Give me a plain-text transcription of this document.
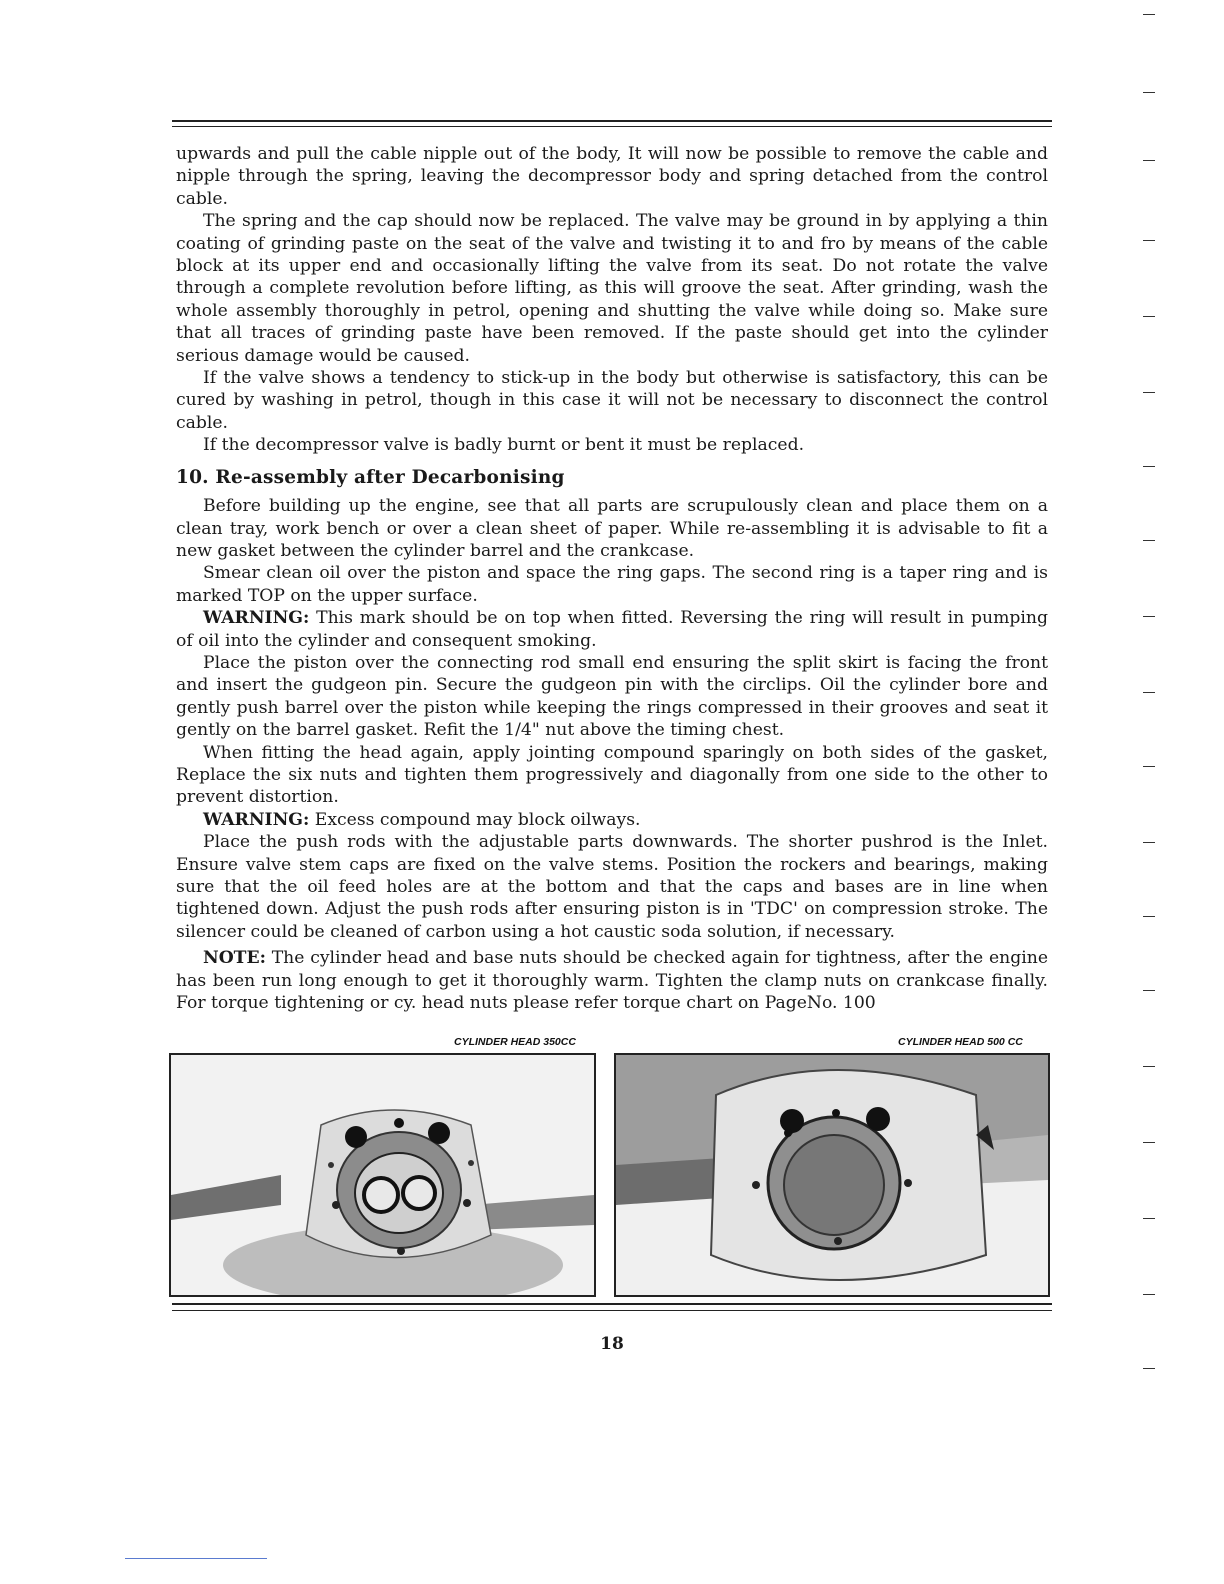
upwards and pull the cable nipple out of the body, It will now be possible to remove the cable and nipple through the spring, leaving the decompressor body and spring detached from the control cable.

The spring and the cap should now be replaced. The valve may be ground in by applying a thin coating of grinding paste on the seat of the valve and twisting it to and fro by means of the cable block at its upper end and occasionally lifting the valve from its seat. Do not rotate the valve through a complete revolution before lifting, as this will groove the seat. After grinding, wash the whole assembly thoroughly in petrol, opening and shutting the valve while doing so. Make sure that all traces of grinding paste have been removed. If the paste should get into the cylinder serious damage would be caused.

If the valve shows a tendency to stick-up in the body but otherwise is satisfactory, this can be cured by washing in petrol, though in this case it will not be necessary to disconnect the control cable.

If the decompressor valve is badly burnt or bent it must be replaced.

10. Re-assembly after Decarbonising

Before building up the engine, see that all parts are scrupulously clean and place them on a clean tray, work bench or over a clean sheet of paper. While re-assembling it is advisable to fit a new gasket between the cylinder barrel and the crankcase.

Smear clean oil over the piston and space the ring gaps. The second ring is a taper ring and is marked TOP on the upper surface.

WARNING: This mark should be on top when fitted. Reversing the ring will result in pumping of oil into the cylinder and consequent smoking.

Place the piston over the connecting rod small end ensuring the split skirt is facing the front and insert the gudgeon pin. Secure the gudgeon pin with the circlips. Oil the cylinder bore and gently push barrel over the piston while keeping the rings compressed in their grooves and seat it gently on the barrel gasket. Refit the 1/4" nut above the timing chest.

When fitting the head again, apply jointing compound sparingly on both sides of the gasket, Replace the six nuts and tighten them progressively and diagonally from one side to the other to prevent distortion.

WARNING: Excess compound may block oilways.

Place the push rods with the adjustable parts downwards. The shorter pushrod is the Inlet. Ensure valve stem caps are fixed on the valve stems. Position the rockers and bearings, making sure that the oil feed holes are at the bottom and that the caps and bases are in line when tightened down. Adjust the push rods after ensuring piston is in 'TDC' on compression stroke. The silencer could be cleaned of carbon using a hot caustic soda solution, if necessary.

NOTE: The cylinder head and base nuts should be checked again for tightness, after the engine has been run long enough to get it thoroughly warm. Tighten the clamp nuts on crankcase finally. For torque tightening or cy. head nuts please refer torque chart on PageNo. 100

CYLINDER HEAD 350CC	CYLINDER HEAD 500 CC
18
